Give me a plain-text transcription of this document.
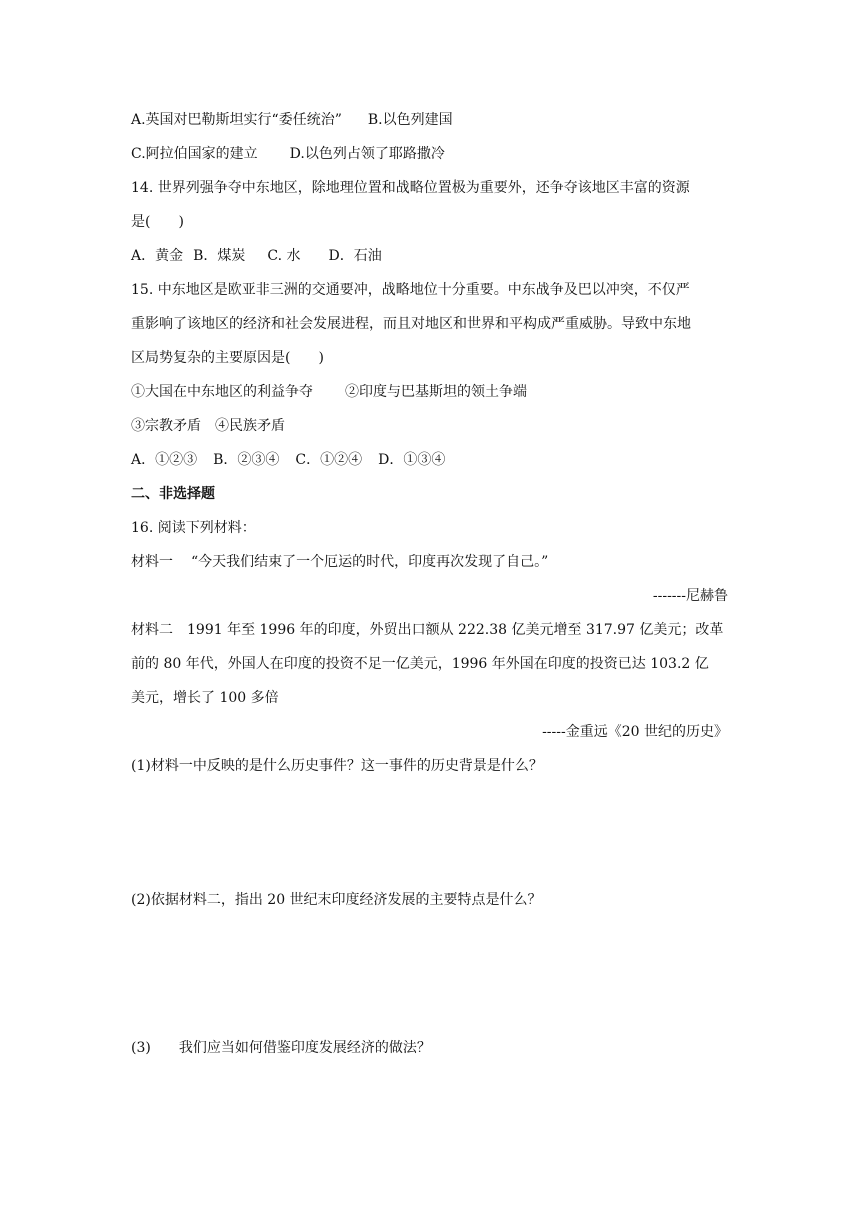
A.英国对巴勒斯坦实行“委任统治” B.以色列建国
C.阿拉伯国家的建立 D.以色列占领了耶路撒冷
14. 世界列强争夺中东地区，除地理位置和战略位置极为重要外，还争夺该地区丰富的资源
是(　　)
A．黄金 B．煤炭 C. 水 D．石油
15. 中东地区是欧亚非三洲的交通要冲，战略地位十分重要。中东战争及巴以冲突，不仅严
重影响了该地区的经济和社会发展进程，而且对地区和世界和平构成严重威胁。导致中东地
区局势复杂的主要原因是(　　)
①大国在中东地区的利益争夺 ②印度与巴基斯坦的领土争端
③宗教矛盾 ④民族矛盾
A．①②③ B．②③④ C．①②④ D．①③④
二、非选择题
16. 阅读下列材料：
材料一 “今天我们结束了一个厄运的时代，印度再次发现了自己。”
-------尼赫鲁
材料二　1991 年至 1996 年的印度，外贸出口额从 222.38 亿美元增至 317.97 亿美元；改革
前的 80 年代，外国人在印度的投资不足一亿美元，1996 年外国在印度的投资已达 103.2 亿
美元，增长了 100 多倍
-----金重远《20 世纪的历史》
(1)材料一中反映的是什么历史事件？这一事件的历史背景是什么？
(2)依据材料二，指出 20 世纪末印度经济发展的主要特点是什么？
(3) 我们应当如何借鉴印度发展经济的做法？
